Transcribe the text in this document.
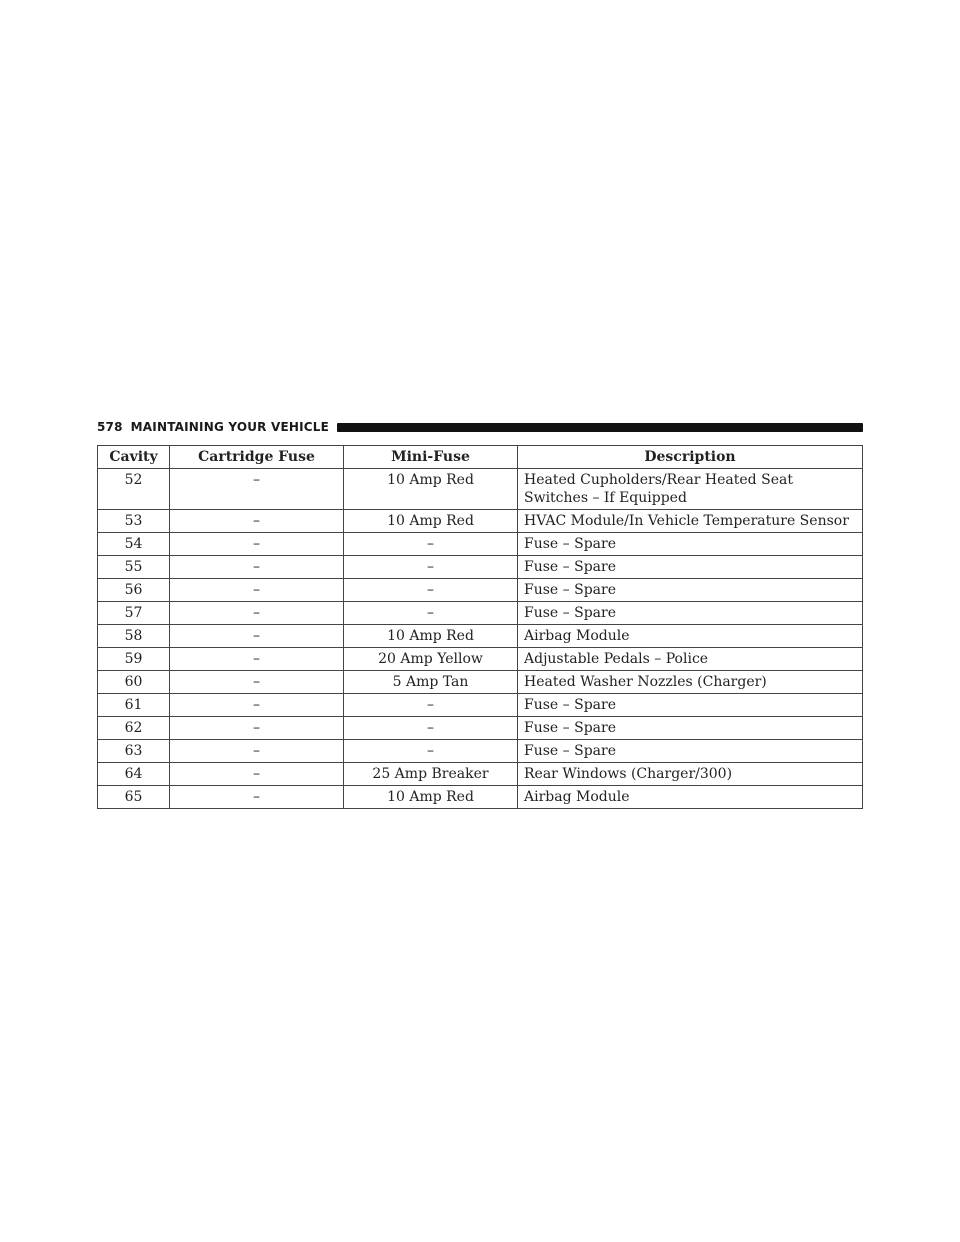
578 MAINTAINING YOUR VEHICLE
Cavity	Cartridge Fuse	Mini-Fuse	Description
52	–	10 Amp Red	Heated Cupholders/Rear Heated Seat Switches – If Equipped
53	–	10 Amp Red	HVAC Module/In Vehicle Temperature Sensor
54	–	–	Fuse – Spare
55	–	–	Fuse – Spare
56	–	–	Fuse – Spare
57	–	–	Fuse – Spare
58	–	10 Amp Red	Airbag Module
59	–	20 Amp Yellow	Adjustable Pedals – Police
60	–	5 Amp Tan	Heated Washer Nozzles (Charger)
61	–	–	Fuse – Spare
62	–	–	Fuse – Spare
63	–	–	Fuse – Spare
64	–	25 Amp Breaker	Rear Windows (Charger/300)
65	–	10 Amp Red	Airbag Module
